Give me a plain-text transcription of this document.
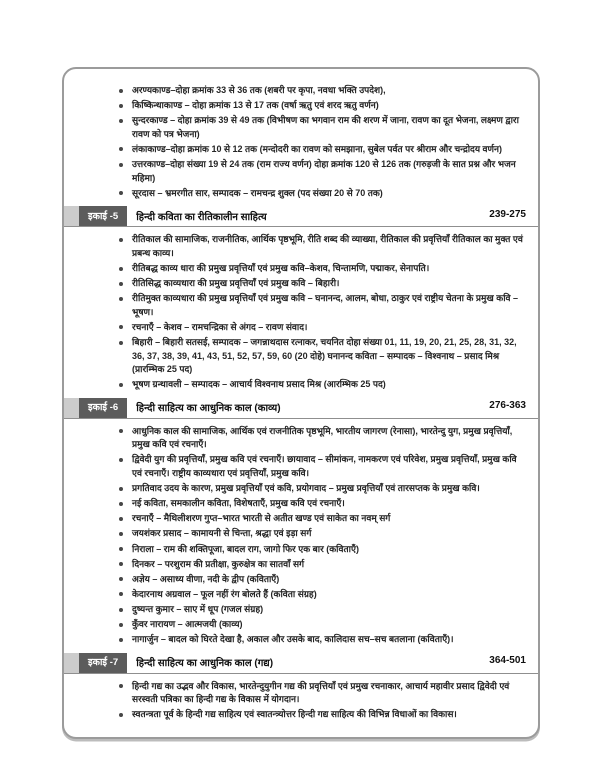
अरण्यकाण्ड–दोहा क्रमांक 33 से 36 तक (शबरी पर कृपा, नवधा भक्ति उपदेश),
किष्किन्धाकाण्ड – दोहा क्रमांक 13 से 17 तक (वर्षा ऋतु एवं शरद ऋतु वर्णन)
सुन्दरकाण्ड – दोहा क्रमांक 39 से 49 तक (विभीषण का भगवान राम की शरण में जाना, रावण का दूत भेजना, लक्ष्मण द्वारा रावण को पत्र भेजना)
लंकाकाण्ड–दोहा क्रमांक 10 से 12 तक (मन्दोदरी का रावण को समझाना, सुबेल पर्वत पर श्रीराम और चन्द्रोदय वर्णन)
उत्तरकाण्ड–दोहा संख्या 19 से 24 तक (राम राज्य वर्णन) दोहा क्रमांक 120 से 126 तक (गरुड़जी के सात प्रश्न और भजन महिमा)
सूरदास – भ्रमरगीत सार, सम्पादक – रामचन्द्र शुक्ल (पद संख्या 20 से 70 तक)
इकाई -5	हिन्दी कविता का रीतिकालीन साहित्य	239-275
रीतिकाल की सामाजिक, राजनीतिक, आर्थिक पृष्ठभूमि, रीति शब्द की व्याख्या, रीतिकाल की प्रवृत्तियाँ रीतिकाल का मुक्त एवं प्रबन्ध काव्य।
रीतिबद्ध काव्य धारा की प्रमुख प्रवृत्तियाँ एवं प्रमुख कवि–केशव, चिन्तामणि, पद्माकर, सेनापति।
रीतिसिद्ध काव्यधारा की प्रमुख प्रवृत्तियाँ एवं प्रमुख कवि – बिहारी।
रीतिमुक्त काव्यधारा की प्रमुख प्रवृत्तियाँ एवं प्रमुख कवि – घनानन्द, आलम, बोधा, ठाकुर एवं राष्ट्रीय चेतना के प्रमुख कवि – भूषण।
रचनाएँ – केशव – रामचन्द्रिका से अंगद – रावण संवाद।
बिहारी – बिहारी सतसई, सम्पादक – जगन्नाथदास रत्नाकर, चयनित दोहा संख्या 01, 11, 19, 20, 21, 25, 28, 31, 32, 36, 37, 38, 39, 41, 43, 51, 52, 57, 59, 60 (20 दोहे) घनानन्द कविता – सम्पादक – विश्वनाथ – प्रसाद मिश्र (प्रारम्भिक 25 पद)
भूषण ग्रन्थावली – सम्पादक – आचार्य विश्वनाथ प्रसाद मिश्र (आरम्भिक 25 पद)
इकाई -6	हिन्दी साहित्य का आधुनिक काल (काव्य)	276-363
आधुनिक काल की सामाजिक, आर्थिक एवं राजनीतिक पृष्ठभूमि, भारतीय जागरण (रेनासा), भारतेन्दु युग, प्रमुख प्रवृत्तियाँ, प्रमुख कवि एवं रचनाएँ।
द्विवेदी युग की प्रवृत्तियाँ, प्रमुख कवि एवं रचनाएँ। छायावाद – सीमांकन, नामकरण एवं परिवेश, प्रमुख प्रवृत्तियाँ, प्रमुख कवि एवं रचनाएँ। राष्ट्रीय काव्यधारा एवं प्रवृत्तियाँ, प्रमुख कवि।
प्रगतिवाद उदय के कारण, प्रमुख प्रवृत्तियाँ एवं कवि, प्रयोगवाद – प्रमुख प्रवृत्तियाँ एवं तारसप्तक के प्रमुख कवि।
नई कविता, समकालीन कविता, विशेषताएँ, प्रमुख कवि एवं रचनाएँ।
रचनाएँ – मैथिलीशरण गुप्त–भारत भारती से अतीत खण्ड एवं साकेत का नवम् सर्ग
जयशंकर प्रसाद – कामायनी से चिन्ता, श्रद्धा एवं इड़ा सर्ग
निराला – राम की शक्तिपूजा, बादल राग, जागो फिर एक बार (कविताएँ)
दिनकर – परशुराम की प्रतीक्षा, कुरुक्षेत्र का सातवाँ सर्ग
अज्ञेय – असाध्य वीणा, नदी के द्वीप (कविताएँ)
केदारनाथ अग्रवाल – फूल नहीं रंग बोलते हैं (कविता संग्रह)
दुष्यन्त कुमार – साए में धूप (गजल संग्रह)
कुँवर नारायण – आत्मजयी (काव्य)
नागार्जुन – बादल को घिरते देखा है, अकाल और उसके बाद, कालिदास सच–सच बतलाना (कविताएँ)।
इकाई -7	हिन्दी साहित्य का आधुनिक काल (गद्य)	364-501
हिन्दी गद्य का उद्भव और विकास, भारतेन्दुयुगीन गद्य की प्रवृत्तियाँ एवं प्रमुख रचनाकार, आचार्य महावीर प्रसाद द्विवेदी एवं सरस्वती पत्रिका का हिन्दी गद्य के विकास में योगदान।
स्वतन्त्रता पूर्व के हिन्दी गद्य साहित्य एवं स्वातन्त्र्योत्तर हिन्दी गद्य साहित्य की विभिन्न विधाओं का विकास।
